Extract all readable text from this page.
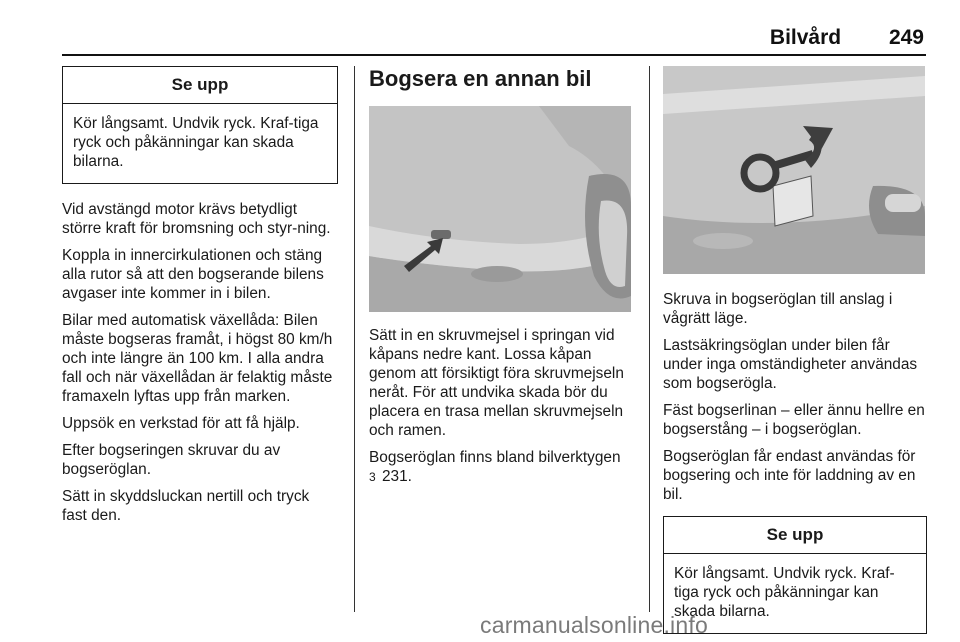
Bilvård 249
Se upp
Kör långsamt. Undvik ryck. Kraf-tiga ryck och påkänningar kan skada bilarna.

Vid avstängd motor krävs betydligt större kraft för bromsning och styr-ning.

Koppla in innercirkulationen och stäng alla rutor så att den bogserande bilens avgaser inte kommer in i bilen.

Bilar med automatisk växellåda: Bilen måste bogseras framåt, i högst 80 km/h och inte längre än 100 km. I alla andra fall och när växellådan är felaktig måste framaxeln lyftas upp från marken.

Uppsök en verkstad för att få hjälp.

Efter bogseringen skruvar du av bogseröglan.

Sätt in skyddsluckan nertill och tryck fast den.

Bogsera en annan bil

Sätt in en skruvmejsel i springan vid kåpans nedre kant. Lossa kåpan genom att försiktigt föra skruvmejseln neråt. För att undvika skada bör du placera en trasa mellan skruvmejseln och ramen.

Bogseröglan finns bland bilverktygen
3 231.

Skruva in bogseröglan till anslag i vågrätt läge.

Lastsäkringsöglan under bilen får under inga omständigheter användas som bogserögla.

Fäst bogserlinan – eller ännu hellre en bogserstång – i bogseröglan.

Bogseröglan får endast användas för bogsering och inte för laddning av en bil.

Se upp
Kör långsamt. Undvik ryck. Kraf-tiga ryck och påkänningar kan skada bilarna.
carmanualsonline.info
